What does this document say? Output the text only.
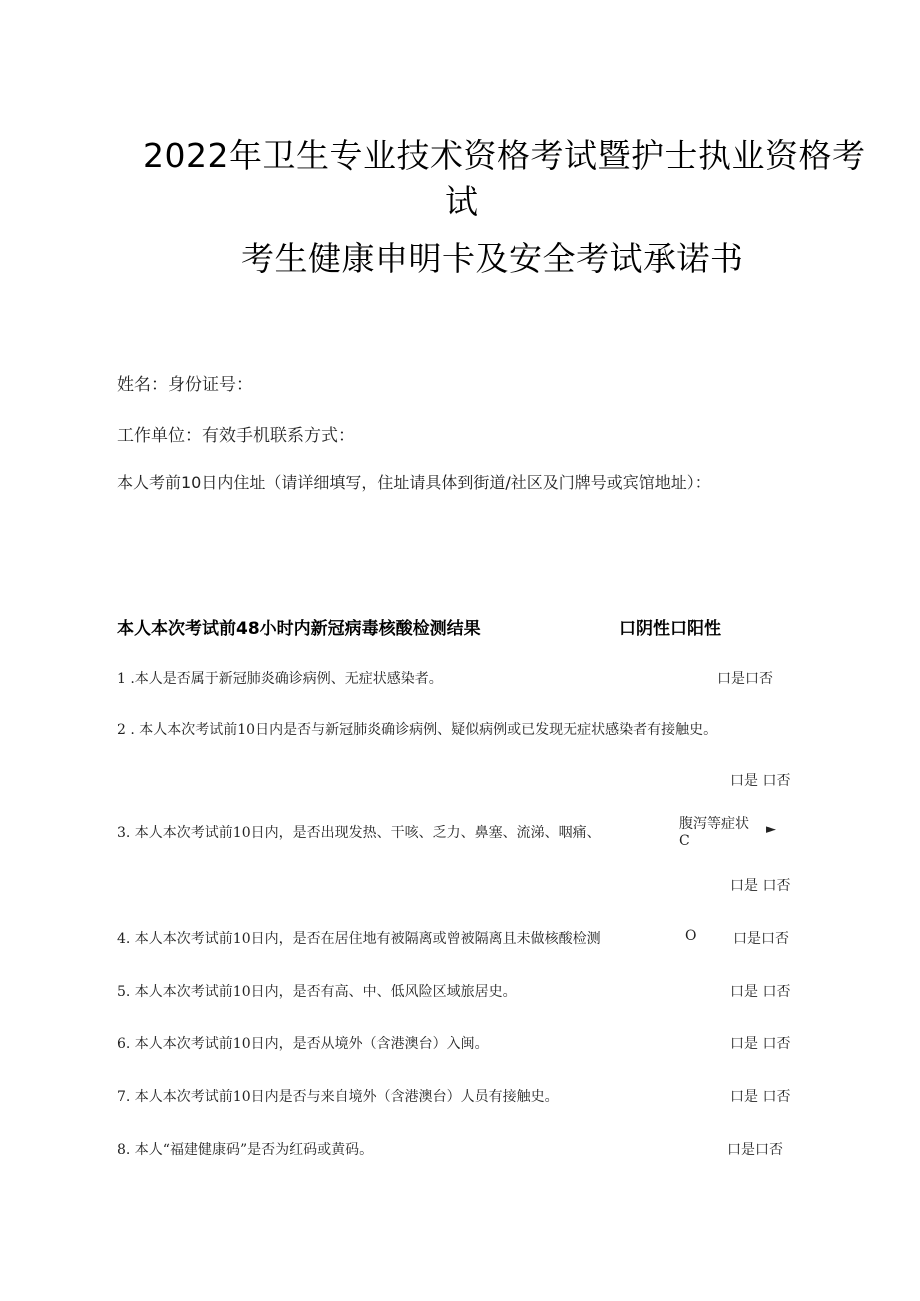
2022年卫生专业技术资格考试暨护士执业资格考
试
考生健康申明卡及安全考试承诺书
姓名：身份证号：
工作单位：有效手机联系方式：
本人考前10日内住址（请详细填写，住址请具体到街道/社区及门牌号或宾馆地址）：
本人本次考试前48小时内新冠病毒核酸检测结果	口阴性口阳性
1 .本人是否属于新冠肺炎确诊病例、无症状感染者。	口是口否
2 . 本人本次考试前10日内是否与新冠肺炎确诊病例、疑似病例或已发现无症状感染者有接触史。
口是 口否
3. 本人本次考试前10日内，是否出现发热、干咳、乏力、鼻塞、流涕、咽痛、
腹泻等症状
C
►
口是 口否
4. 本人本次考试前10日内，是否在居住地有被隔离或曾被隔离且未做核酸检测	O	口是口否
5. 本人本次考试前10日内，是否有高、中、低风险区域旅居史。	口是 口否
6. 本人本次考试前10日内，是否从境外（含港澳台）入闽。	口是 口否
7. 本人本次考试前10日内是否与来自境外（含港澳台）人员有接触史。	口是 口否
8. 本人“福建健康码”是否为红码或黄码。	口是口否
